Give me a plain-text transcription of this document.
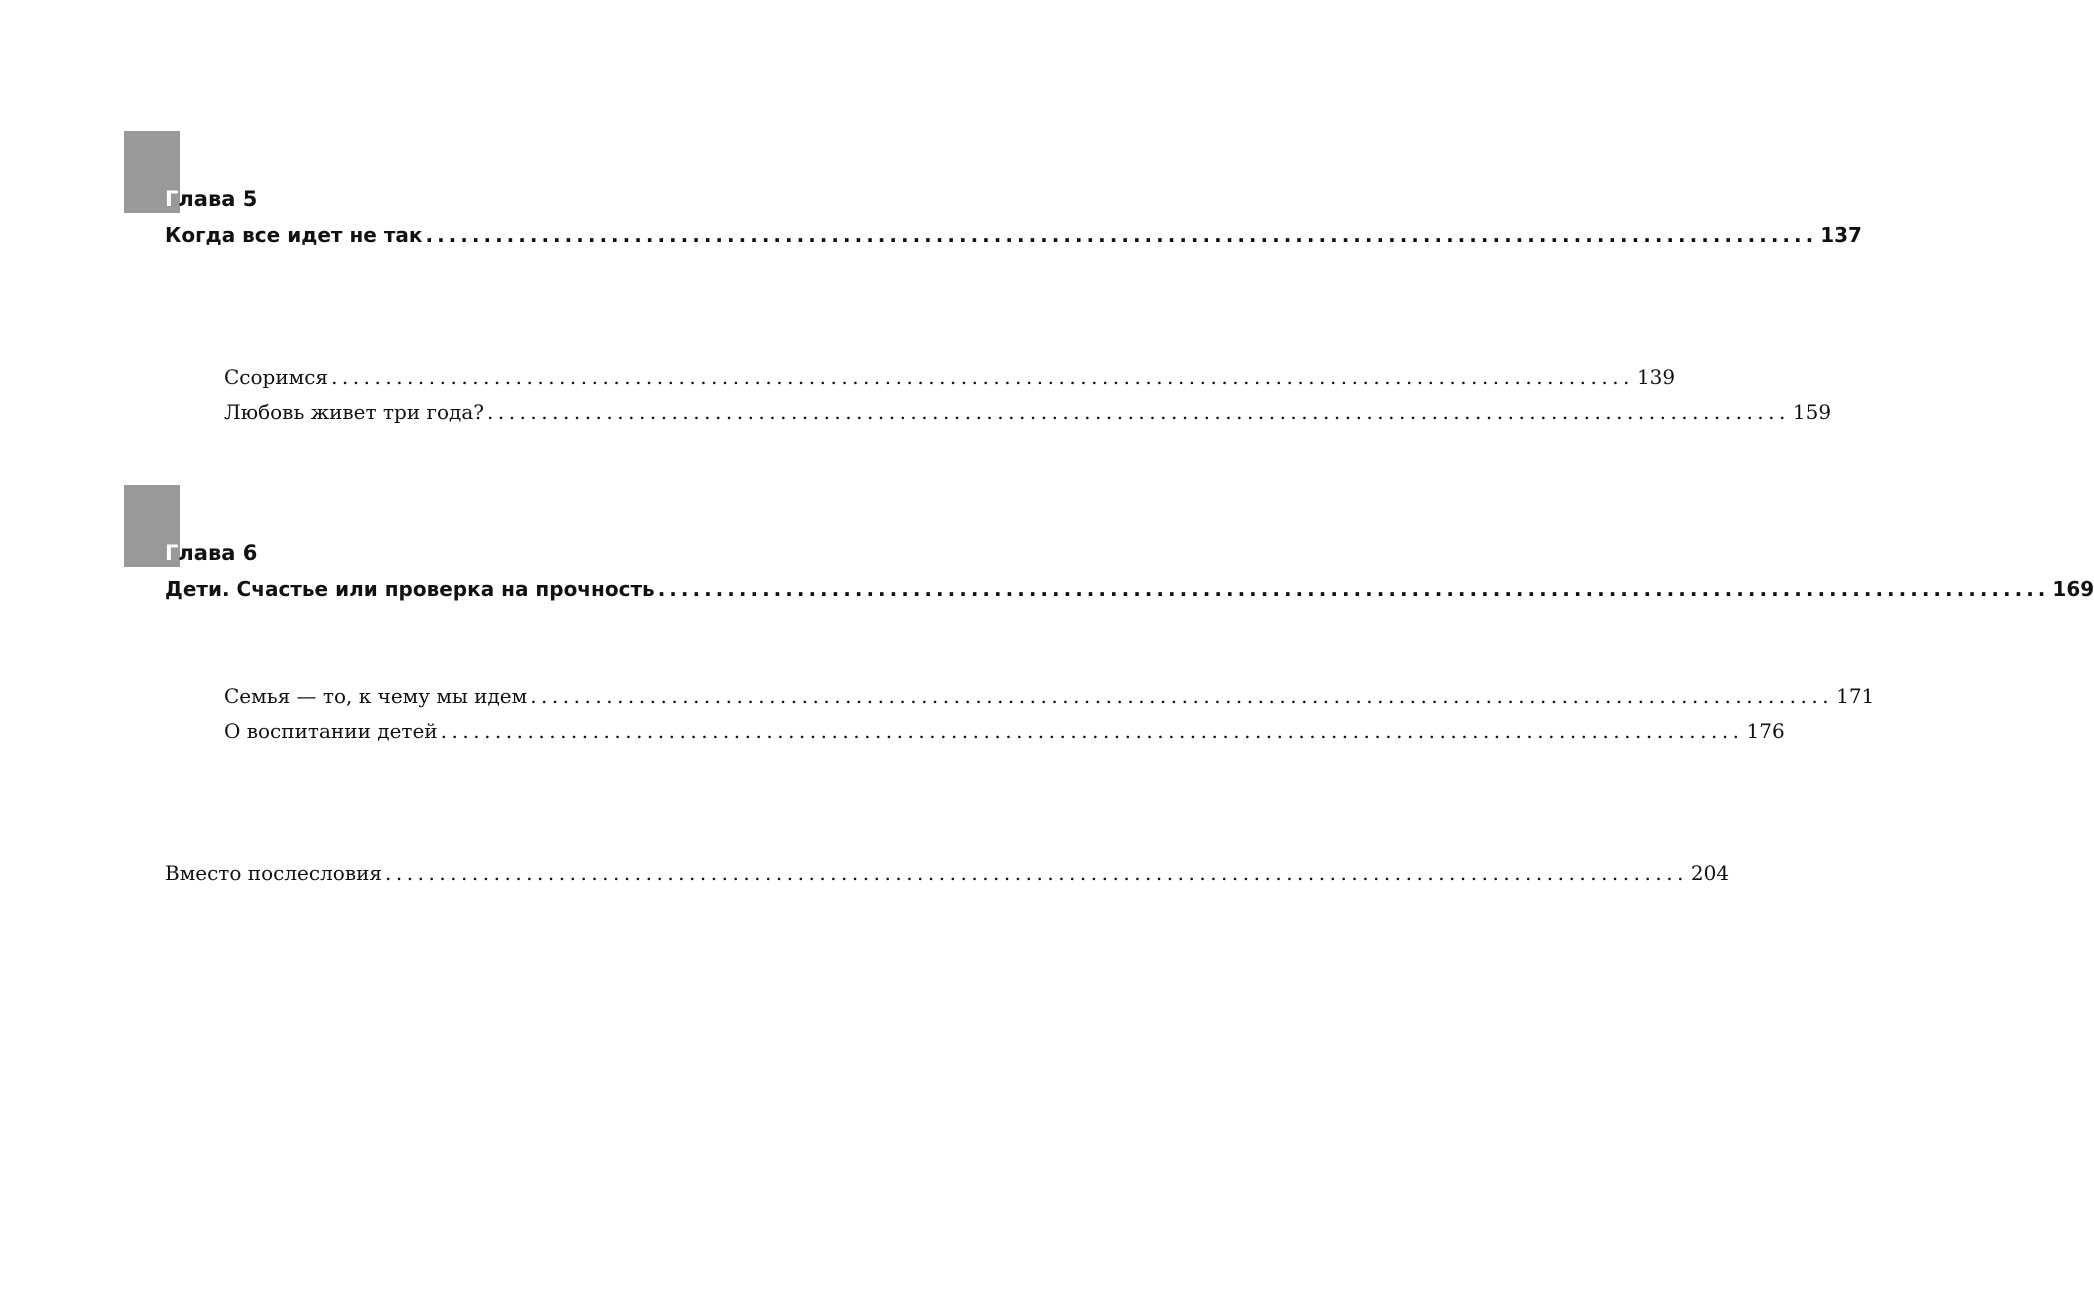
Глава 5
Когда все идет не так ........................................................................................................................ 137
Ссоримся ........................................................................................................................ 139
Любовь живет три года? ........................................................................................................................ 159
Глава 6
Дети. Счастье или проверка на прочность ........................................................................................................................ 169
Семья — то, к чему мы идем ........................................................................................................................ 171
О воспитании детей ........................................................................................................................ 176
Вместо послесловия ........................................................................................................................ 204
